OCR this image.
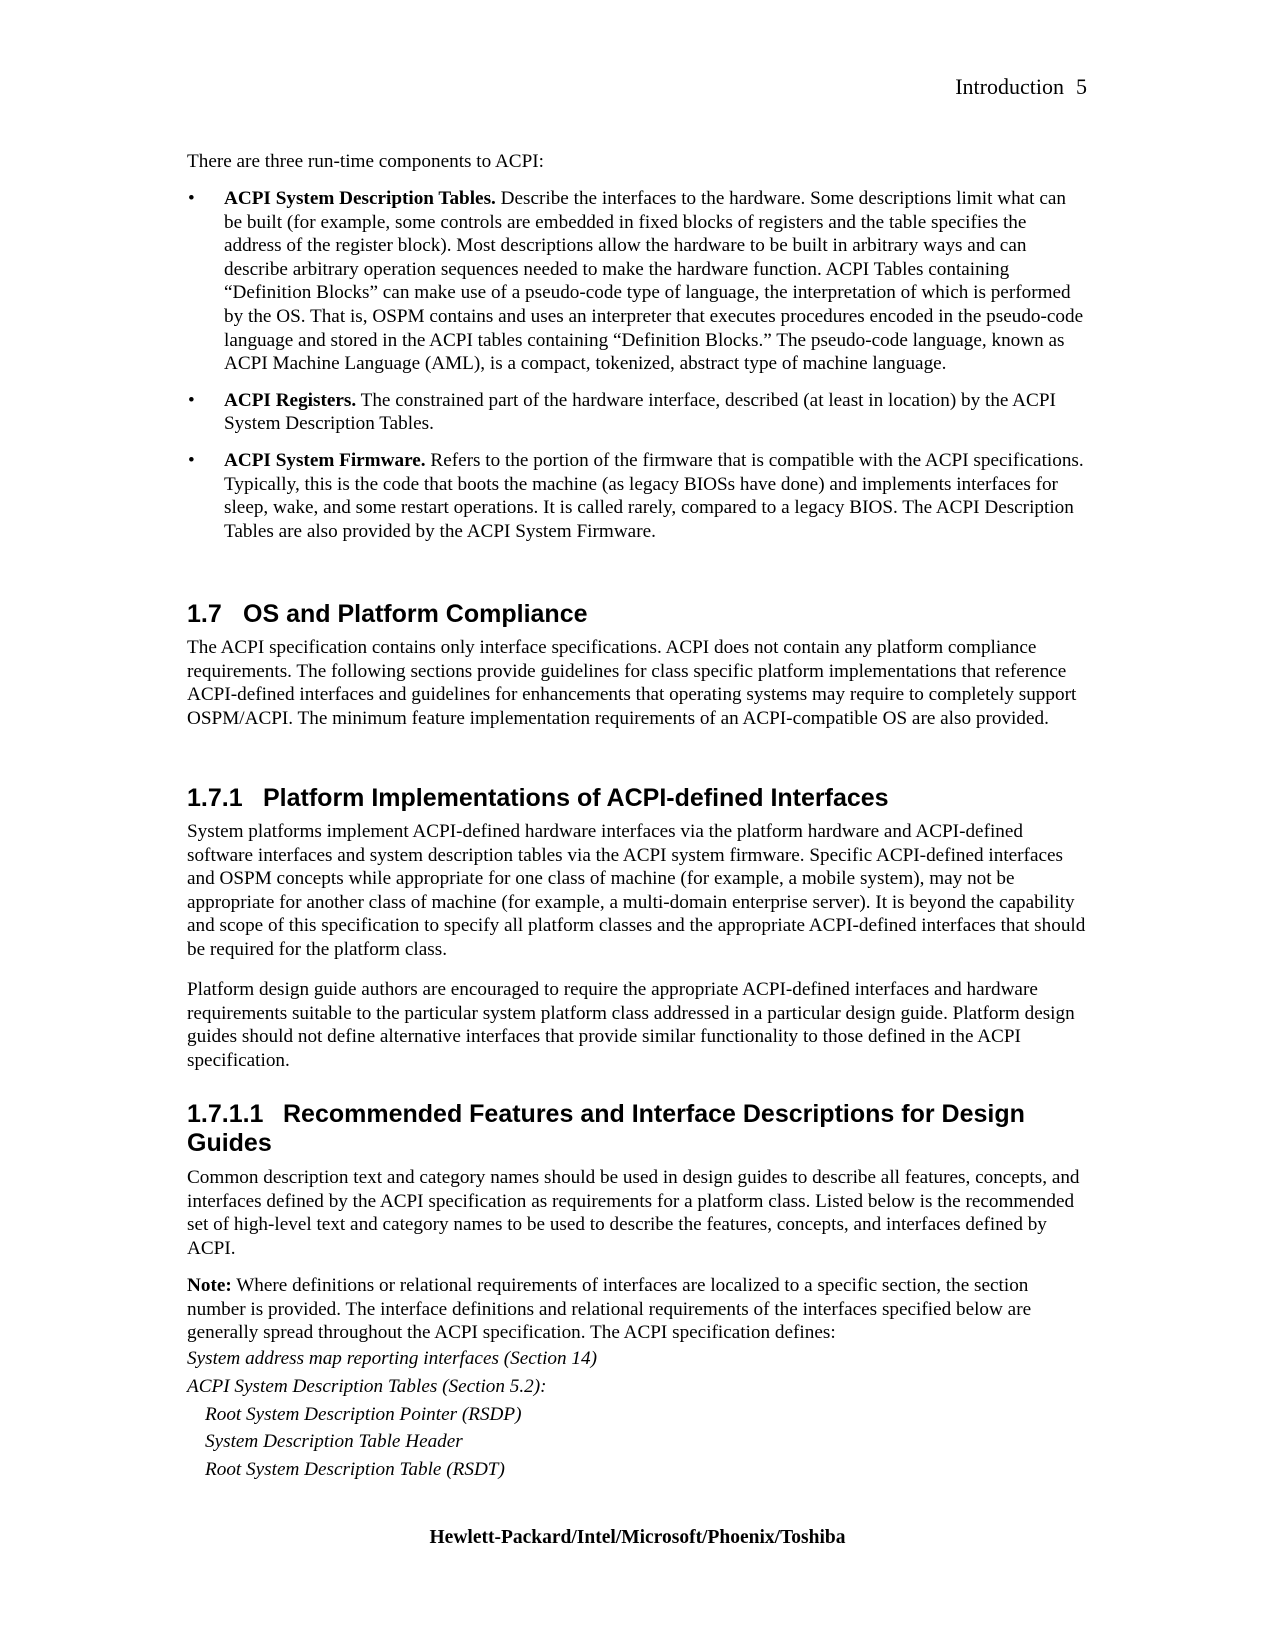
Introduction 5

There are three run-time components to ACPI:

• ACPI System Description Tables. Describe the interfaces to the hardware. Some descriptions limit what can be built (for example, some controls are embedded in fixed blocks of registers and the table specifies the address of the register block). Most descriptions allow the hardware to be built in arbitrary ways and can describe arbitrary operation sequences needed to make the hardware function. ACPI Tables containing “Definition Blocks” can make use of a pseudo-code type of language, the interpretation of which is performed by the OS. That is, OSPM contains and uses an interpreter that executes procedures encoded in the pseudo-code language and stored in the ACPI tables containing “Definition Blocks.” The pseudo-code language, known as ACPI Machine Language (AML), is a compact, tokenized, abstract type of machine language.
• ACPI Registers. The constrained part of the hardware interface, described (at least in location) by the ACPI System Description Tables.
• ACPI System Firmware. Refers to the portion of the firmware that is compatible with the ACPI specifications. Typically, this is the code that boots the machine (as legacy BIOSs have done) and implements interfaces for sleep, wake, and some restart operations. It is called rarely, compared to a legacy BIOS. The ACPI Description Tables are also provided by the ACPI System Firmware.
1.7 OS and Platform Compliance

The ACPI specification contains only interface specifications. ACPI does not contain any platform compliance requirements. The following sections provide guidelines for class specific platform implementations that reference ACPI-defined interfaces and guidelines for enhancements that operating systems may require to completely support OSPM/ACPI. The minimum feature implementation requirements of an ACPI-compatible OS are also provided.

1.7.1 Platform Implementations of ACPI-defined Interfaces

System platforms implement ACPI-defined hardware interfaces via the platform hardware and ACPI-defined software interfaces and system description tables via the ACPI system firmware. Specific ACPI-defined interfaces and OSPM concepts while appropriate for one class of machine (for example, a mobile system), may not be appropriate for another class of machine (for example, a multi-domain enterprise server). It is beyond the capability and scope of this specification to specify all platform classes and the appropriate ACPI-defined interfaces that should be required for the platform class.

Platform design guide authors are encouraged to require the appropriate ACPI-defined interfaces and hardware requirements suitable to the particular system platform class addressed in a particular design guide. Platform design guides should not define alternative interfaces that provide similar functionality to those defined in the ACPI specification.

1.7.1.1 Recommended Features and Interface Descriptions for Design Guides

Common description text and category names should be used in design guides to describe all features, concepts, and interfaces defined by the ACPI specification as requirements for a platform class. Listed below is the recommended set of high-level text and category names to be used to describe the features, concepts, and interfaces defined by ACPI.

Note: Where definitions or relational requirements of interfaces are localized to a specific section, the section number is provided. The interface definitions and relational requirements of the interfaces specified below are generally spread throughout the ACPI specification. The ACPI specification defines:

System address map reporting interfaces (Section 14)
ACPI System Description Tables (Section 5.2):
Root System Description Pointer (RSDP)
System Description Table Header
Root System Description Table (RSDT)
Hewlett-Packard/Intel/Microsoft/Phoenix/Toshiba
